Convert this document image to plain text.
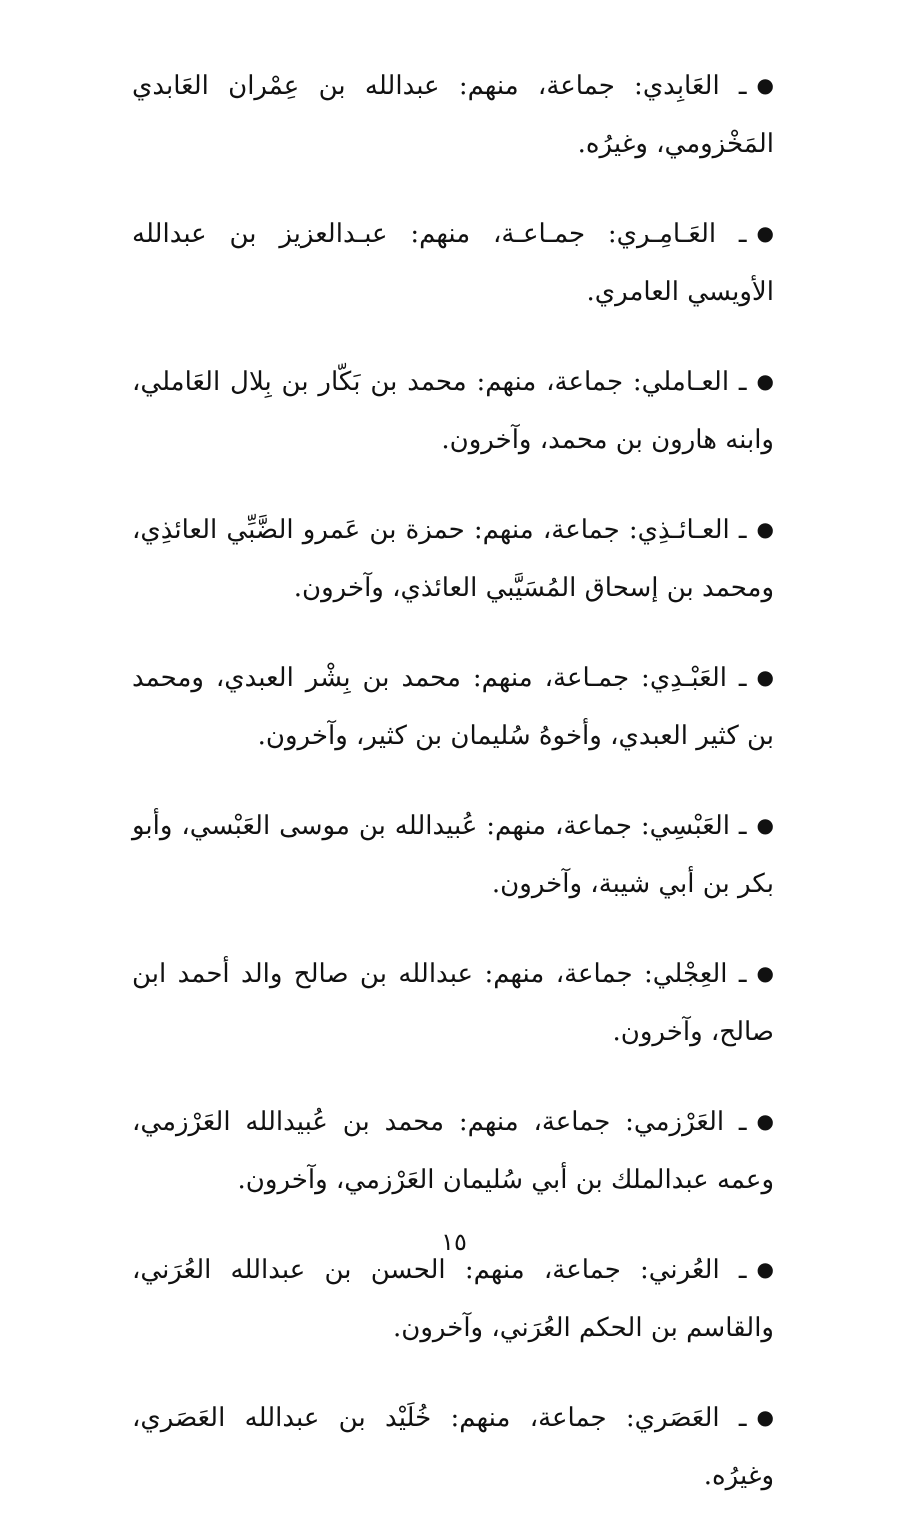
●ـ العَابِدي: جماعة، منهم: عبدالله بن عِمْران العَابدي المَخْزومي، وغيرُه.

●ـ العَـامِـري: جمـاعـة، منهم: عبـدالعزيز بن عبدالله الأويسي العامري.

●ـ العـاملي: جماعة، منهم: محمد بن بَكّار بن بِلال العَاملي، وابنه هارون بن محمد، وآخرون.

●ـ العـائـذِي: جماعة، منهم: حمزة بن عَمرو الضَّبِّي العائذِي، ومحمد بن إسحاق المُسَيَّبي العائذي، وآخرون.

●ـ العَبْـدِي: جمـاعة، منهم: محمد بن بِشْر العبدي، ومحمد بن كثير العبدي، وأخوهُ سُليمان بن كثير، وآخرون.

●ـ العَبْسِي: جماعة، منهم: عُبيدالله بن موسى العَبْسي، وأبو بكر بن أبي شيبة، وآخرون.

●ـ العِجْلي: جماعة، منهم: عبدالله بن صالح والد أحمد ابن صالح، وآخرون.

●ـ العَرْزمي: جماعة، منهم: محمد بن عُبيدالله العَرْزمي، وعمه عبدالملك بن أبي سُليمان العَرْزمي، وآخرون.

●ـ العُرني: جماعة، منهم: الحسن بن عبدالله العُرَني، والقاسم بن الحكم العُرَني، وآخرون.

●ـ العَصَري: جماعة، منهم: خُلَيْد بن عبدالله العَصَري، وغيرُه.

١٥
